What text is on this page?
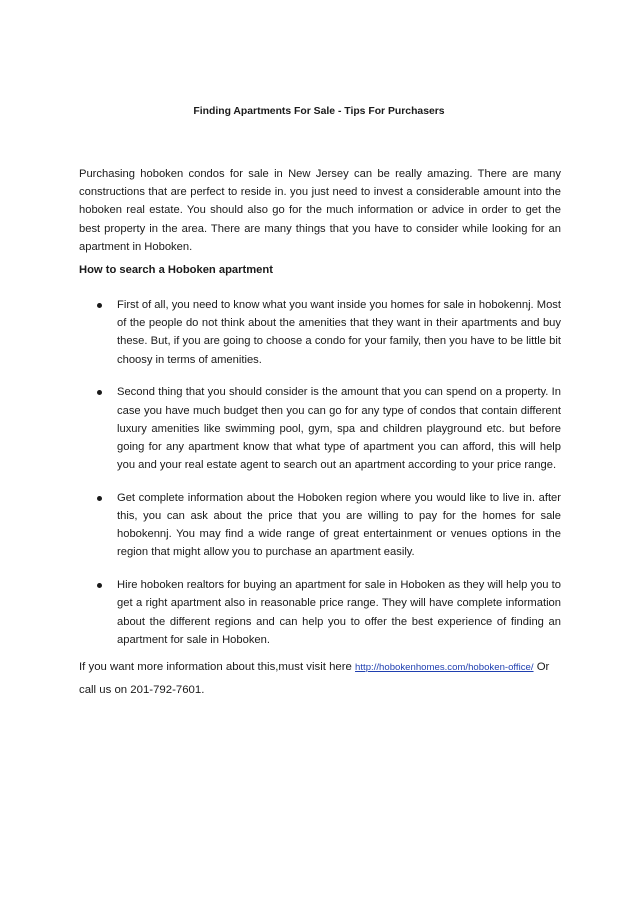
Finding Apartments For Sale - Tips For Purchasers

Purchasing hoboken condos for sale in New Jersey can be really amazing. There are many constructions that are perfect to reside in. you just need to invest a considerable amount into the hoboken real estate. You should also go for the much information or advice in order to get the best property in the area. There are many things that you have to consider while looking for an apartment in Hoboken.

How to search a Hoboken apartment
First of all, you need to know what you want inside you homes for sale in hobokennj. Most of the people do not think about the amenities that they want in their apartments and buy these. But, if you are going to choose a condo for your family, then you have to be little bit choosy in terms of amenities.
Second thing that you should consider is the amount that you can spend on a property. In case you have much budget then you can go for any type of condos that contain different luxury amenities like swimming pool, gym, spa and children playground etc. but before going for any apartment know that what type of apartment you can afford, this will help you and your real estate agent to search out an apartment according to your price range.
Get complete information about the Hoboken region where you would like to live in. after this, you can ask about the price that you are willing to pay for the homes for sale hobokennj. You may find a wide range of great entertainment or venues options in the region that might allow you to purchase an apartment easily.
Hire hoboken realtors for buying an apartment for sale in Hoboken as they will help you to get a right apartment also in reasonable price range. They will have complete information about the different regions and can help you to offer the best experience of finding an apartment for sale in Hoboken.

If you want more information about this,must visit here http://hobokenhomes.com/hoboken-office/ Or call us on 201-792-7601.
